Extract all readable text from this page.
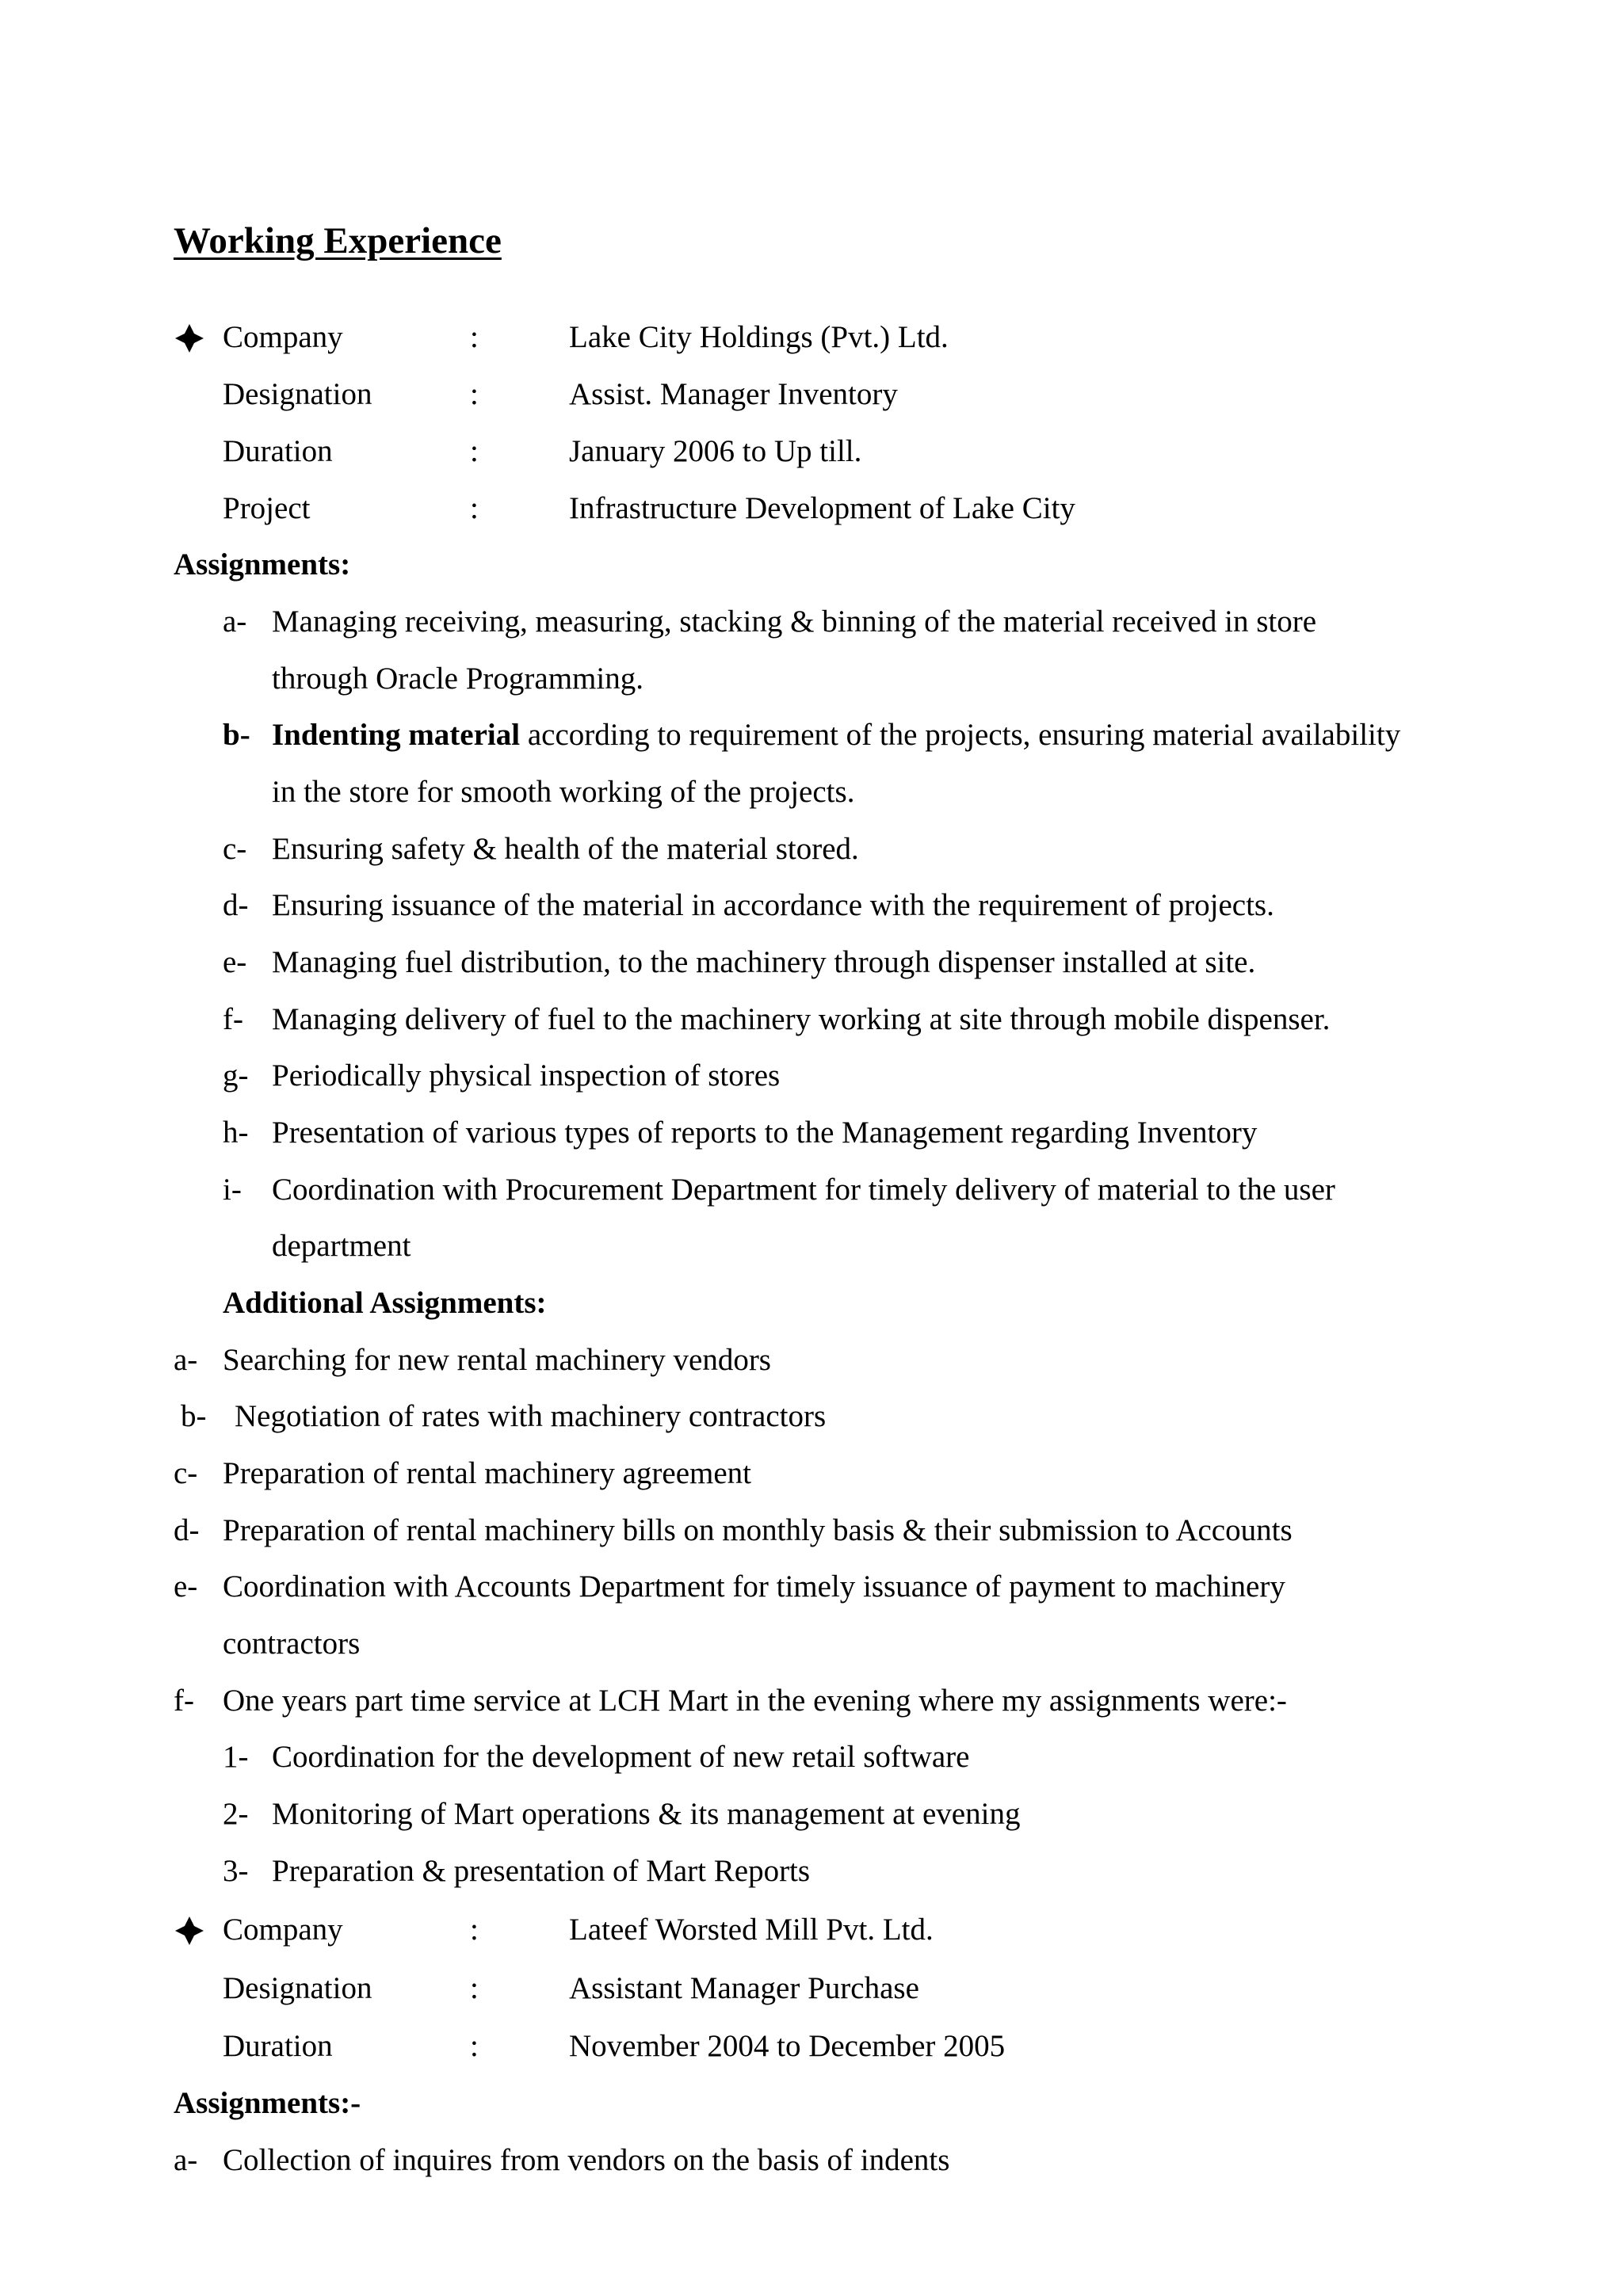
Working Experience
Company	:	Lake City Holdings (Pvt.) Ltd.
Designation	:	Assist. Manager Inventory
Duration	:	January 2006 to Up till.
Project	:	Infrastructure Development of Lake City
Assignments:
a- Managing receiving, measuring, stacking & binning of the material received in store
through Oracle Programming.
b- Indenting material according to requirement of the projects, ensuring material availability
in the store for smooth working of the projects.
c- Ensuring safety & health of the material stored.
d- Ensuring issuance of the material in accordance with the requirement of projects.
e- Managing fuel distribution, to the machinery through dispenser installed at site.
f- Managing delivery of fuel to the machinery working at site through mobile dispenser.
g- Periodically physical inspection of stores
h- Presentation of various types of reports to the Management regarding Inventory
i- Coordination with Procurement Department for timely delivery of material to the user
department
Additional Assignments:
a- Searching for new rental machinery vendors
b- Negotiation of rates with machinery contractors
c- Preparation of rental machinery agreement
d- Preparation of rental machinery bills on monthly basis & their submission to Accounts
e- Coordination with Accounts Department for timely issuance of payment to machinery
contractors
f- One years part time service at LCH Mart in the evening where my assignments were:-
1- Coordination for the development of new retail software
2- Monitoring of Mart operations & its management at evening
3- Preparation & presentation of Mart Reports
Company	:	Lateef Worsted Mill Pvt. Ltd.
Designation	:	Assistant Manager Purchase
Duration	:	November 2004 to December 2005
Assignments:-
a- Collection of inquires from vendors on the basis of indents
